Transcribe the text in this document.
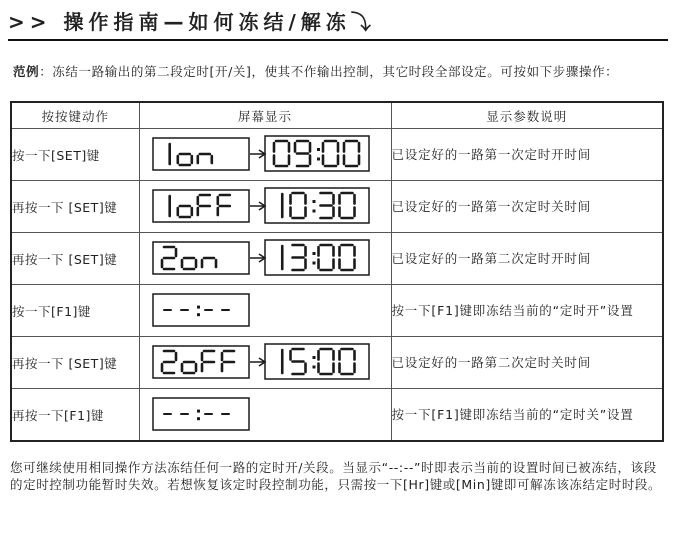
>> 操作指南—如何冻结/解冻⤵
范例：冻结一路输出的第二段定时[开/关]，使其不作输出控制，其它时段全部设定。可按如下步骤操作：
按按键动作	屏幕显示	显示参数说明
按一下[SET]键		已设定好的一路第一次定时开时间
再按一下 [SET]键		已设定好的一路第一次定时关时间
再按一下 [SET]键		已设定好的一路第二次定时开时间
按一下[F1]键		按一下[F1]键即冻结当前的“定时开”设置
再按一下 [SET]键		已设定好的一路第二次定时关时间
再按一下[F1]键		按一下[F1]键即冻结当前的“定时关”设置
您可继续使用相同操作方法冻结任何一路的定时开/关段。当显示“--:--”时即表示当前的设置时间已被冻结，该段的定时控制功能暂时失效。若想恢复该定时段控制功能，只需按一下[Hr]键或[Min]键即可解冻该冻结定时时段。
